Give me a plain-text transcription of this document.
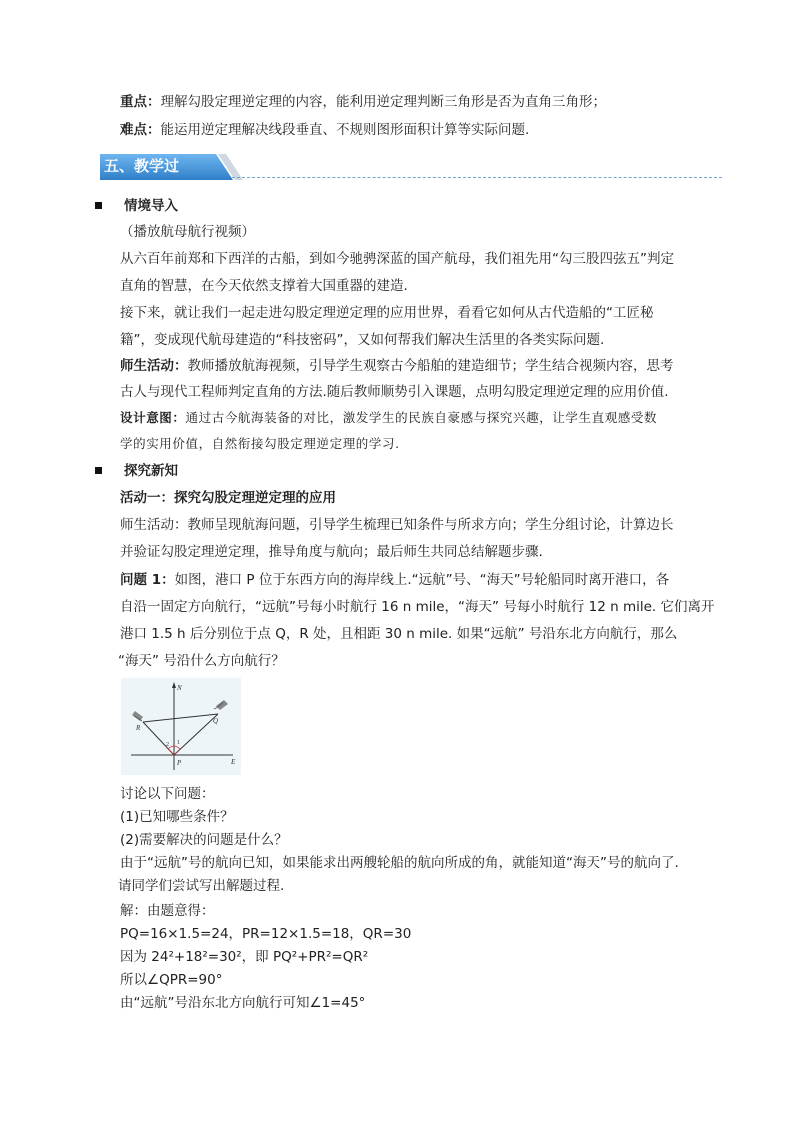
重点：理解勾股定理逆定理的内容，能利用逆定理判断三角形是否为直角三角形；
难点：能运用逆定理解决线段垂直、不规则图形面积计算等实际问题.
五、教学过
情境导入
（播放航母航行视频）
从六百年前郑和下西洋的古船，到如今驰骋深蓝的国产航母，我们祖先用“勾三股四弦五”判定
直角的智慧，在今天依然支撑着大国重器的建造.
接下来，就让我们一起走进勾股定理逆定理的应用世界，看看它如何从古代造船的“工匠秘
籍”，变成现代航母建造的“科技密码”，又如何帮我们解决生活里的各类实际问题.
师生活动：教师播放航海视频，引导学生观察古今船舶的建造细节；学生结合视频内容，思考
古人与现代工程师判定直角的方法.随后教师顺势引入课题，点明勾股定理逆定理的应用价值.
设计意图：通过古今航海装备的对比，激发学生的民族自豪感与探究兴趣，让学生直观感受数
学的实用价值，自然衔接勾股定理逆定理的学习.
探究新知
活动一：探究勾股定理逆定理的应用
师生活动：教师呈现航海问题，引导学生梳理已知条件与所求方向；学生分组讨论，计算边长
并验证勾股定理逆定理，推导角度与航向；最后师生共同总结解题步骤.
问题 1：如图，港口 P 位于东西方向的海岸线上.“远航”号、“海天”号轮船同时离开港口，各
自沿一固定方向航行，“远航”号每小时航行 16 n mile，“海天” 号每小时航行 12 n mile. 它们离开
港口 1.5 h 后分别位于点 Q，R 处，且相距 30 n mile. 如果“远航” 号沿东北方向航行，那么
“海天” 号沿什么方向航行？
N
E
P
Q
R
1
2
讨论以下问题：
(1)已知哪些条件？
(2)需要解决的问题是什么？
由于“远航”号的航向已知，如果能求出两艘轮船的航向所成的角，就能知道“海天”号的航向了.
请同学们尝试写出解题过程.
解：由题意得：
PQ=16×1.5=24，PR=12×1.5=18，QR=30
因为 24²+18²=30²，即 PQ²+PR²=QR²
所以∠QPR=90°
由“远航”号沿东北方向航行可知∠1=45°
